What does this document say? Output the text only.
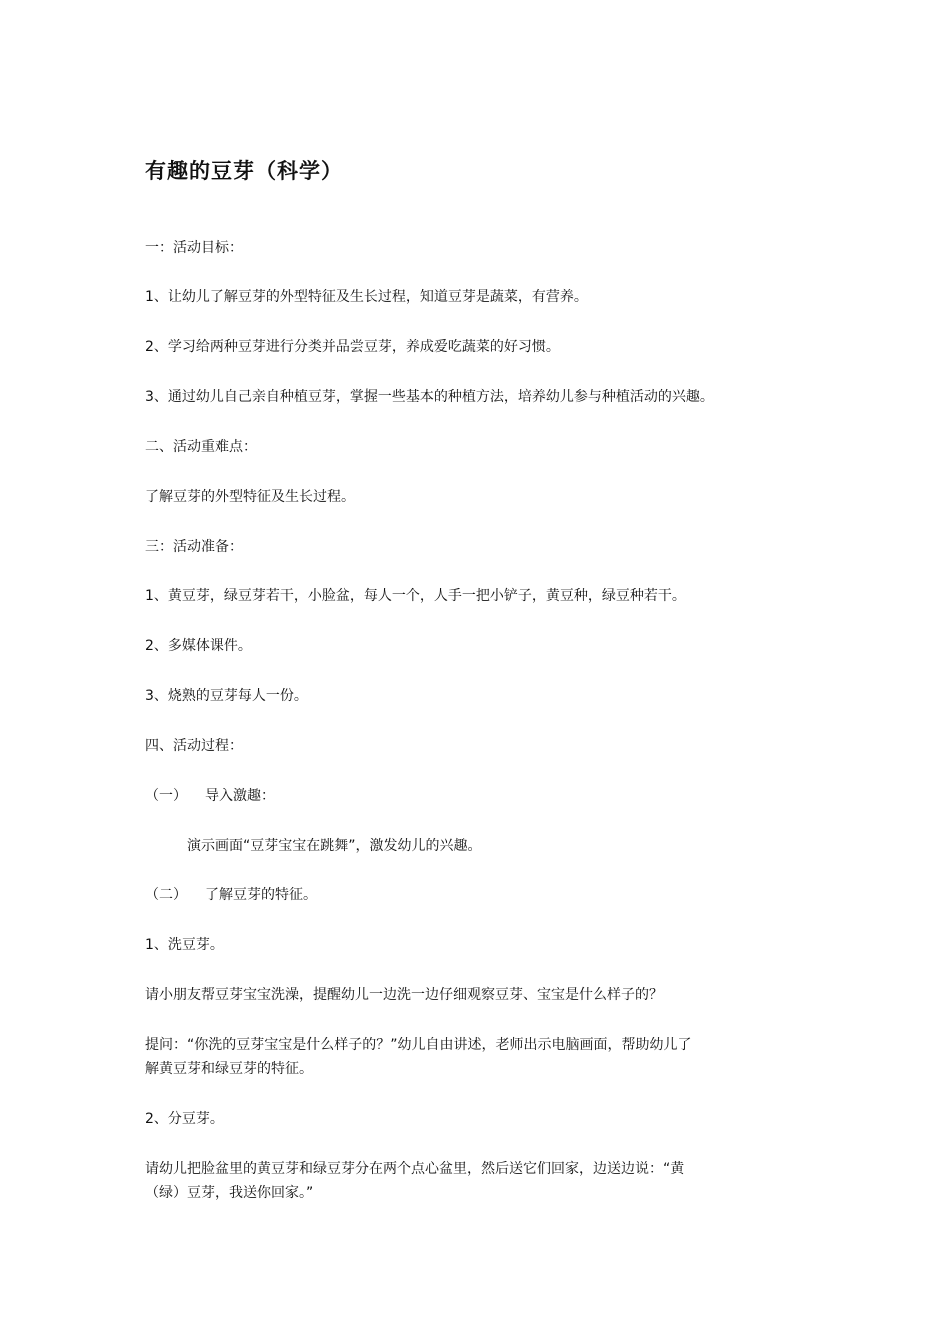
有趣的豆芽（科学）
一：活动目标：
1、让幼儿了解豆芽的外型特征及生长过程，知道豆芽是蔬菜，有营养。
2、学习给两种豆芽进行分类并品尝豆芽，养成爱吃蔬菜的好习惯。
3、通过幼儿自己亲自种植豆芽，掌握一些基本的种植方法，培养幼儿参与种植活动的兴趣。
二、活动重难点：
了解豆芽的外型特征及生长过程。
三：活动准备：
1、黄豆芽，绿豆芽若干，小脸盆，每人一个，人手一把小铲子，黄豆种，绿豆种若干。
2、多媒体课件。
3、烧熟的豆芽每人一份。
四、活动过程：
（一） 导入激趣：
演示画面“豆芽宝宝在跳舞”，激发幼儿的兴趣。
（二） 了解豆芽的特征。
1、洗豆芽。
请小朋友帮豆芽宝宝洗澡，提醒幼儿一边洗一边仔细观察豆芽、宝宝是什么样子的？
提问：“你洗的豆芽宝宝是什么样子的？”幼儿自由讲述，老师出示电脑画面，帮助幼儿了
解黄豆芽和绿豆芽的特征。
2、分豆芽。
请幼儿把脸盆里的黄豆芽和绿豆芽分在两个点心盆里，然后送它们回家，边送边说：“黄
（绿）豆芽，我送你回家。”
